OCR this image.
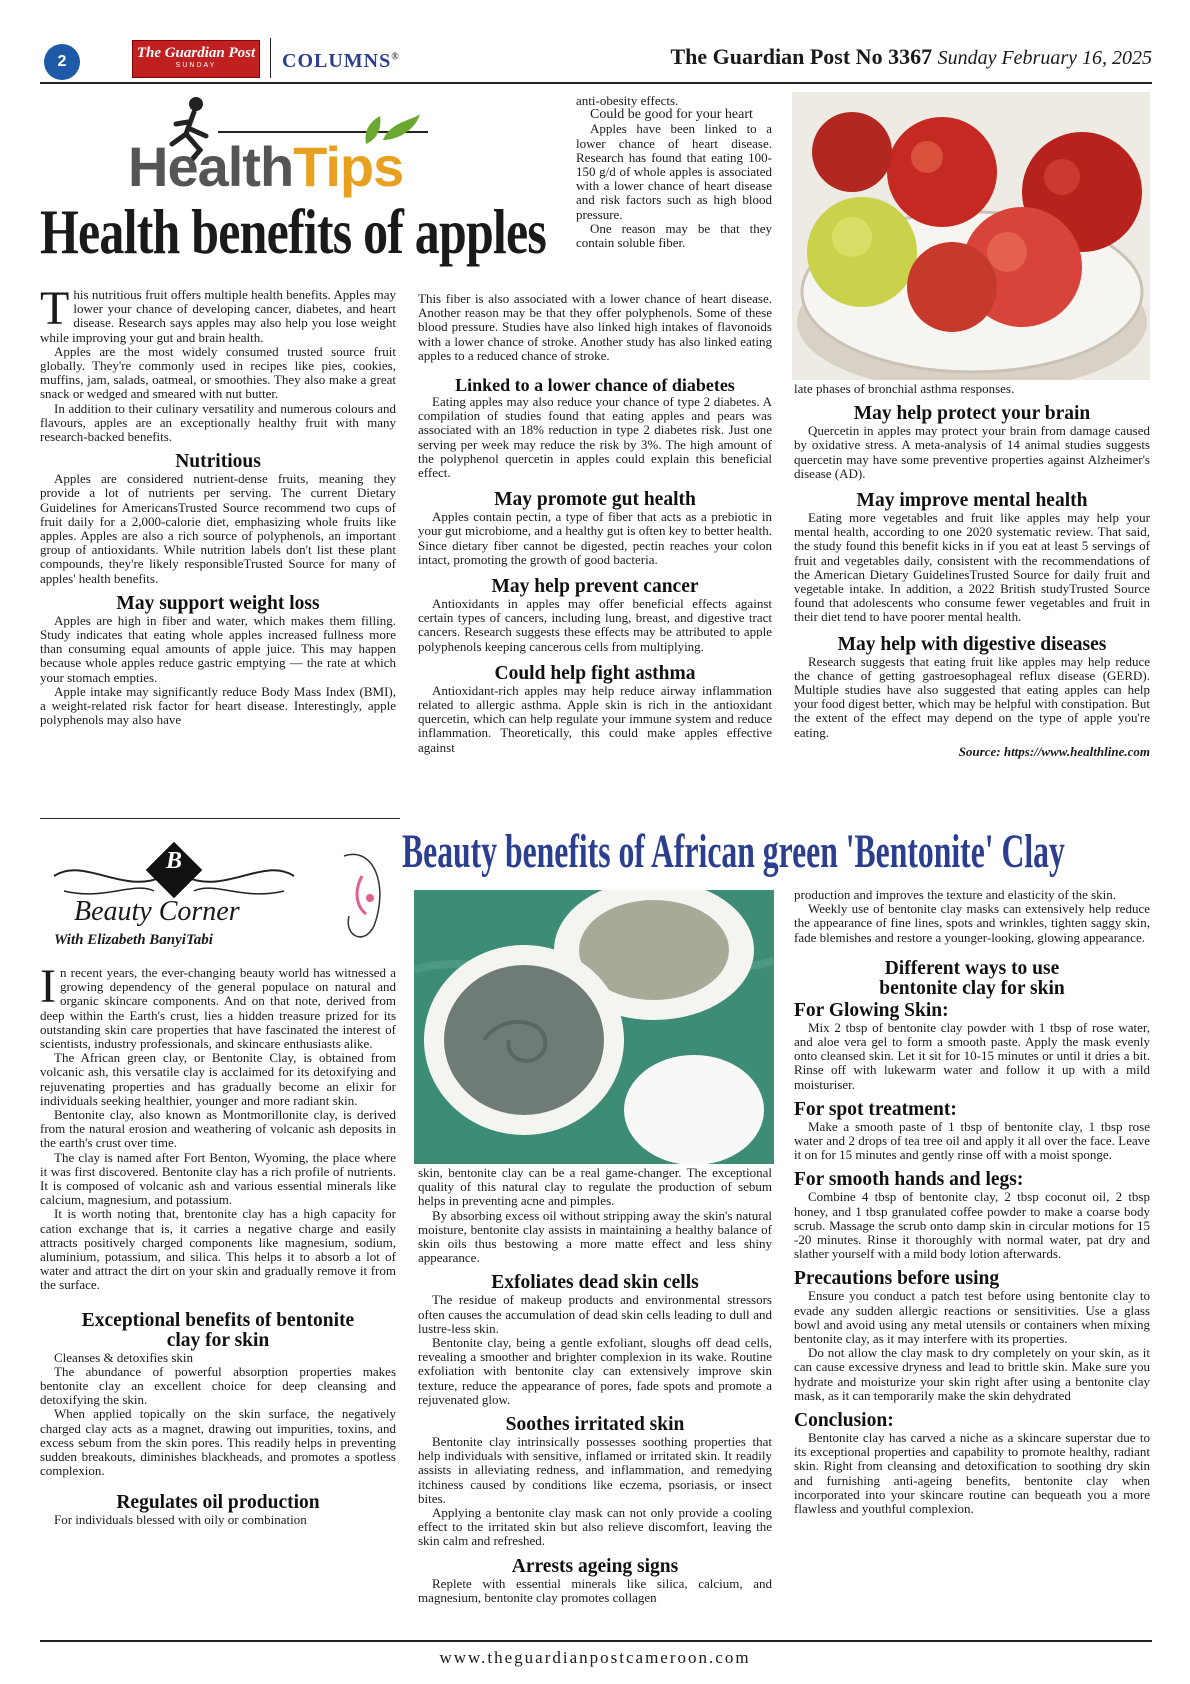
2	The Guardian Post
SUNDAY	COLUMNS®	The Guardian Post No 3367 Sunday February 16, 2025
HealthTips
Health benefits of apples

This nutritious fruit offers multiple health benefits. Apples may lower your chance of developing cancer, diabetes, and heart disease. Research says apples may also help you lose weight while improving your gut and brain health.

Apples are the most widely consumed trusted source fruit globally. They're commonly used in recipes like pies, cookies, muffins, jam, salads, oatmeal, or smoothies. They also make a great snack or wedged and smeared with nut butter.

In addition to their culinary versatility and numerous colours and flavours, apples are an exceptionally healthy fruit with many research-backed benefits.

Nutritious

Apples are considered nutrient-dense fruits, meaning they provide a lot of nutrients per serving. The current Dietary Guidelines for AmericansTrusted Source recommend two cups of fruit daily for a 2,000-calorie diet, emphasizing whole fruits like apples. Apples are also a rich source of polyphenols, an important group of antioxidants. While nutrition labels don't list these plant compounds, they're likely responsibleTrusted Source for many of apples' health benefits.

May support weight loss

Apples are high in fiber and water, which makes them filling. Study indicates that eating whole apples increased fullness more than consuming equal amounts of apple juice. This may happen because whole apples reduce gastric emptying — the rate at which your stomach empties.

Apple intake may significantly reduce Body Mass Index (BMI), a weight-related risk factor for heart disease. Interestingly, apple polyphenols may also have

anti-obesity effects.

Could be good for your heart

Apples have been linked to a lower chance of heart disease. Research has found that eating 100-150 g/d of whole apples is associated with a lower chance of heart disease and risk factors such as high blood pressure.

One reason may be that they contain soluble fiber.

This fiber is also associated with a lower chance of heart disease. Another reason may be that they offer polyphenols. Some of these blood pressure. Studies have also linked high intakes of flavonoids with a lower chance of stroke. Another study has also linked eating apples to a reduced chance of stroke.

Linked to a lower chance of diabetes

Eating apples may also reduce your chance of type 2 diabetes. A compilation of studies found that eating apples and pears was associated with an 18% reduction in type 2 diabetes risk. Just one serving per week may reduce the risk by 3%. The high amount of the polyphenol quercetin in apples could explain this beneficial effect.

May promote gut health

Apples contain pectin, a type of fiber that acts as a prebiotic in your gut microbiome, and a healthy gut is often key to better health. Since dietary fiber cannot be digested, pectin reaches your colon intact, promoting the growth of good bacteria.

May help prevent cancer

Antioxidants in apples may offer beneficial effects against certain types of cancers, including lung, breast, and digestive tract cancers. Research suggests these effects may be attributed to apple polyphenols keeping cancerous cells from multiplying.

Could help fight asthma

Antioxidant-rich apples may help reduce airway inflammation related to allergic asthma. Apple skin is rich in the antioxidant quercetin, which can help regulate your immune system and reduce inflammation. Theoretically, this could make apples effective against

late phases of bronchial asthma responses.

May help protect your brain

Quercetin in apples may protect your brain from damage caused by oxidative stress. A meta-analysis of 14 animal studies suggests quercetin may have some preventive properties against Alzheimer's disease (AD).

May improve mental health

Eating more vegetables and fruit like apples may help your mental health, according to one 2020 systematic review. That said, the study found this benefit kicks in if you eat at least 5 servings of fruit and vegetables daily, consistent with the recommendations of the American Dietary GuidelinesTrusted Source for daily fruit and vegetable intake. In addition, a 2022 British studyTrusted Source found that adolescents who consume fewer vegetables and fruit in their diet tend to have poorer mental health.

May help with digestive diseases

Research suggests that eating fruit like apples may help reduce the chance of getting gastroesophageal reflux disease (GERD). Multiple studies have also suggested that eating apples can help your food digest better, which may be helpful with constipation. But the extent of the effect may depend on the type of apple you're eating.

Source: https://www.healthline.com

Beauty benefits of African green 'Bentonite' Clay
B
Beauty Corner
With Elizabeth BanyiTabi

In recent years, the ever-changing beauty world has witnessed a growing dependency of the general populace on natural and organic skincare components. And on that note, derived from deep within the Earth's crust, lies a hidden treasure prized for its outstanding skin care properties that have fascinated the interest of scientists, industry professionals, and skincare enthusiasts alike.

The African green clay, or Bentonite Clay, is obtained from volcanic ash, this versatile clay is acclaimed for its detoxifying and rejuvenating properties and has gradually become an elixir for individuals seeking healthier, younger and more radiant skin.

Bentonite clay, also known as Montmorillonite clay, is derived from the natural erosion and weathering of volcanic ash deposits in the earth's crust over time.

The clay is named after Fort Benton, Wyoming, the place where it was first discovered. Bentonite clay has a rich profile of nutrients. It is composed of volcanic ash and various essential minerals like calcium, magnesium, and potassium.

It is worth noting that, brentonite clay has a high capacity for cation exchange that is, it carries a negative charge and easily attracts positively charged components like magnesium, sodium, aluminium, potassium, and silica. This helps it to absorb a lot of water and attract the dirt on your skin and gradually remove it from the surface.

Exceptional benefits of bentonite clay for skin

Cleanses & detoxifies skin

The abundance of powerful absorption properties makes bentonite clay an excellent choice for deep cleansing and detoxifying the skin.

When applied topically on the skin surface, the negatively charged clay acts as a magnet, drawing out impurities, toxins, and excess sebum from the skin pores. This readily helps in preventing sudden breakouts, diminishes blackheads, and promotes a spotless complexion.

Regulates oil production

For individuals blessed with oily or combination

skin, bentonite clay can be a real game-changer. The exceptional quality of this natural clay to regulate the production of sebum helps in preventing acne and pimples.

By absorbing excess oil without stripping away the skin's natural moisture, bentonite clay assists in maintaining a healthy balance of skin oils thus bestowing a more matte effect and less shiny appearance.

Exfoliates dead skin cells

The residue of makeup products and environmental stressors often causes the accumulation of dead skin cells leading to dull and lustre-less skin.

Bentonite clay, being a gentle exfoliant, sloughs off dead cells, revealing a smoother and brighter complexion in its wake. Routine exfoliation with bentonite clay can extensively improve skin texture, reduce the appearance of pores, fade spots and promote a rejuvenated glow.

Soothes irritated skin

Bentonite clay intrinsically possesses soothing properties that help individuals with sensitive, inflamed or irritated skin. It readily assists in alleviating redness, and inflammation, and remedying itchiness caused by conditions like eczema, psoriasis, or insect bites.

Applying a bentonite clay mask can not only provide a cooling effect to the irritated skin but also relieve discomfort, leaving the skin calm and refreshed.

Arrests ageing signs

Replete with essential minerals like silica, calcium, and magnesium, bentonite clay promotes collagen

production and improves the texture and elasticity of the skin.

Weekly use of bentonite clay masks can extensively help reduce the appearance of fine lines, spots and wrinkles, tighten saggy skin, fade blemishes and restore a younger-looking, glowing appearance.

Different ways to use bentonite clay for skin

For Glowing Skin:

Mix 2 tbsp of bentonite clay powder with 1 tbsp of rose water, and aloe vera gel to form a smooth paste. Apply the mask evenly onto cleansed skin. Let it sit for 10-15 minutes or until it dries a bit. Rinse off with lukewarm water and follow it up with a mild moisturiser.

For spot treatment:

Make a smooth paste of 1 tbsp of bentonite clay, 1 tbsp rose water and 2 drops of tea tree oil and apply it all over the face. Leave it on for 15 minutes and gently rinse off with a moist sponge.

For smooth hands and legs:

Combine 4 tbsp of bentonite clay, 2 tbsp coconut oil, 2 tbsp honey, and 1 tbsp granulated coffee powder to make a coarse body scrub. Massage the scrub onto damp skin in circular motions for 15 -20 minutes. Rinse it thoroughly with normal water, pat dry and slather yourself with a mild body lotion afterwards.

Precautions before using

Ensure you conduct a patch test before using bentonite clay to evade any sudden allergic reactions or sensitivities. Use a glass bowl and avoid using any metal utensils or containers when mixing bentonite clay, as it may interfere with its properties.

Do not allow the clay mask to dry completely on your skin, as it can cause excessive dryness and lead to brittle skin. Make sure you hydrate and moisturize your skin right after using a bentonite clay mask, as it can temporarily make the skin dehydrated

Conclusion:

Bentonite clay has carved a niche as a skincare superstar due to its exceptional properties and capability to promote healthy, radiant skin. Right from cleansing and detoxification to soothing dry skin and furnishing anti-ageing benefits, bentonite clay when incorporated into your skincare routine can bequeath you a more flawless and youthful complexion.

www.theguardianpostcameroon.com
